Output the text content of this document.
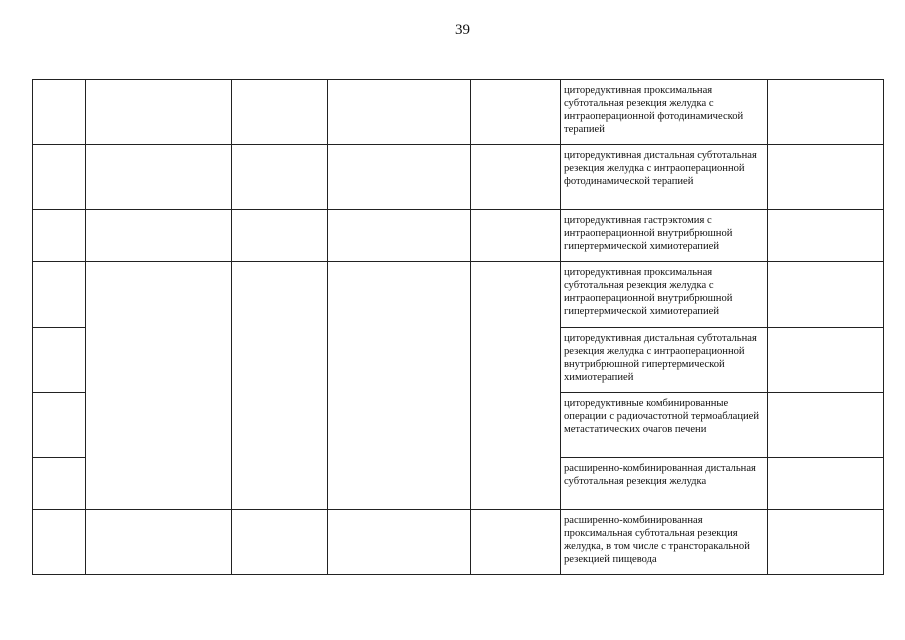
39
					циторедуктивная проксимальная субтотальная резекция желудка с интраоперационной фотодинамической терапией	
					циторедуктивная дистальная субтотальная резекция желудка с интраоперационной фотодинамической терапией	
					циторедуктивная гастрэктомия с интраоперационной внутрибрюшной гипертермической химиотерапией	
					циторедуктивная проксимальная субтотальная резекция желудка с интраоперационной внутрибрюшной гипертермической химиотерапией	
					циторедуктивная дистальная субтотальная резекция желудка с интраоперационной внутрибрюшной гипертермической химиотерапией	
					циторедуктивные комбинированные операции с радиочастотной термоаблацией метастатических очагов печени	
					расширенно-комбинированная дистальная субтотальная резекция желудка	
					расширенно-комбинированная проксимальная субтотальная резекция желудка, в том числе с трансторакальной резекцией пищевода	
